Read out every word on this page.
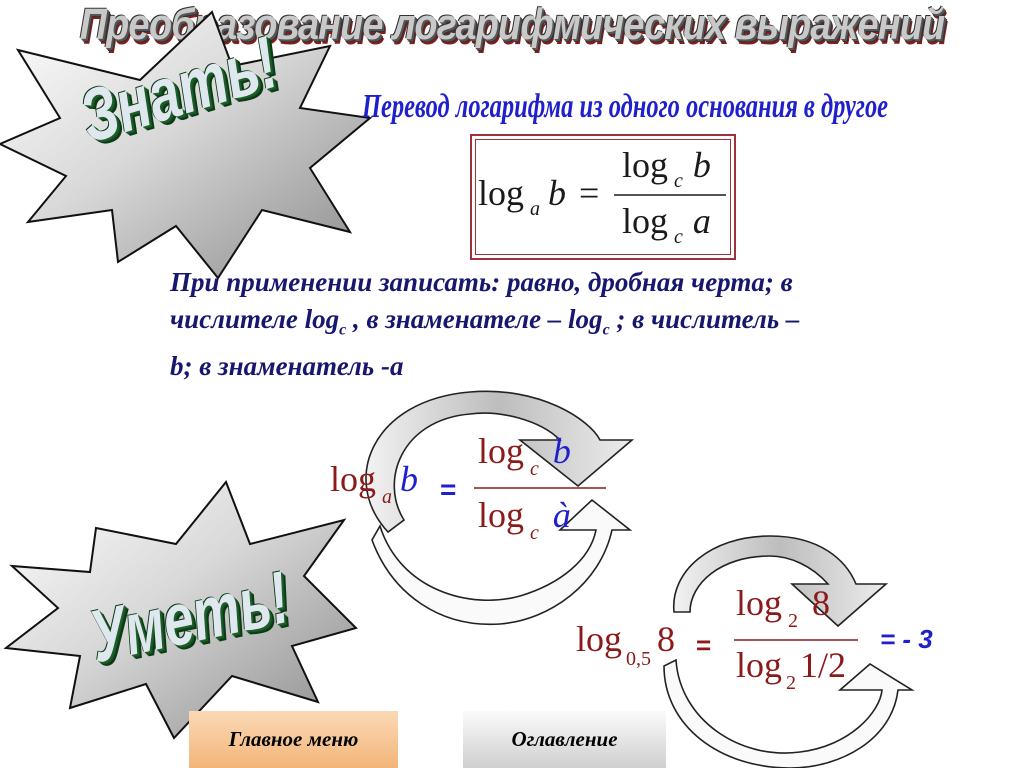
Преобразование логарифмических выражений
Знать!
Уметь!
Перевод логарифма из одного основания в другое
log $_a$ b =
log $_c$ b
log $_c$ a
При применении записать: равно, дробная черта; в
числителе $\log_c$ , в знаменателе – $\log_c$ ; в числитель –
b; в знаменатель -a
log $_a$ b =
log $_c$ b
log $_c$ à
log $_{0,5}$ 8 =
log $_2$ 8
log $_2$ 1/2
= - 3
Главное меню	Оглавление
